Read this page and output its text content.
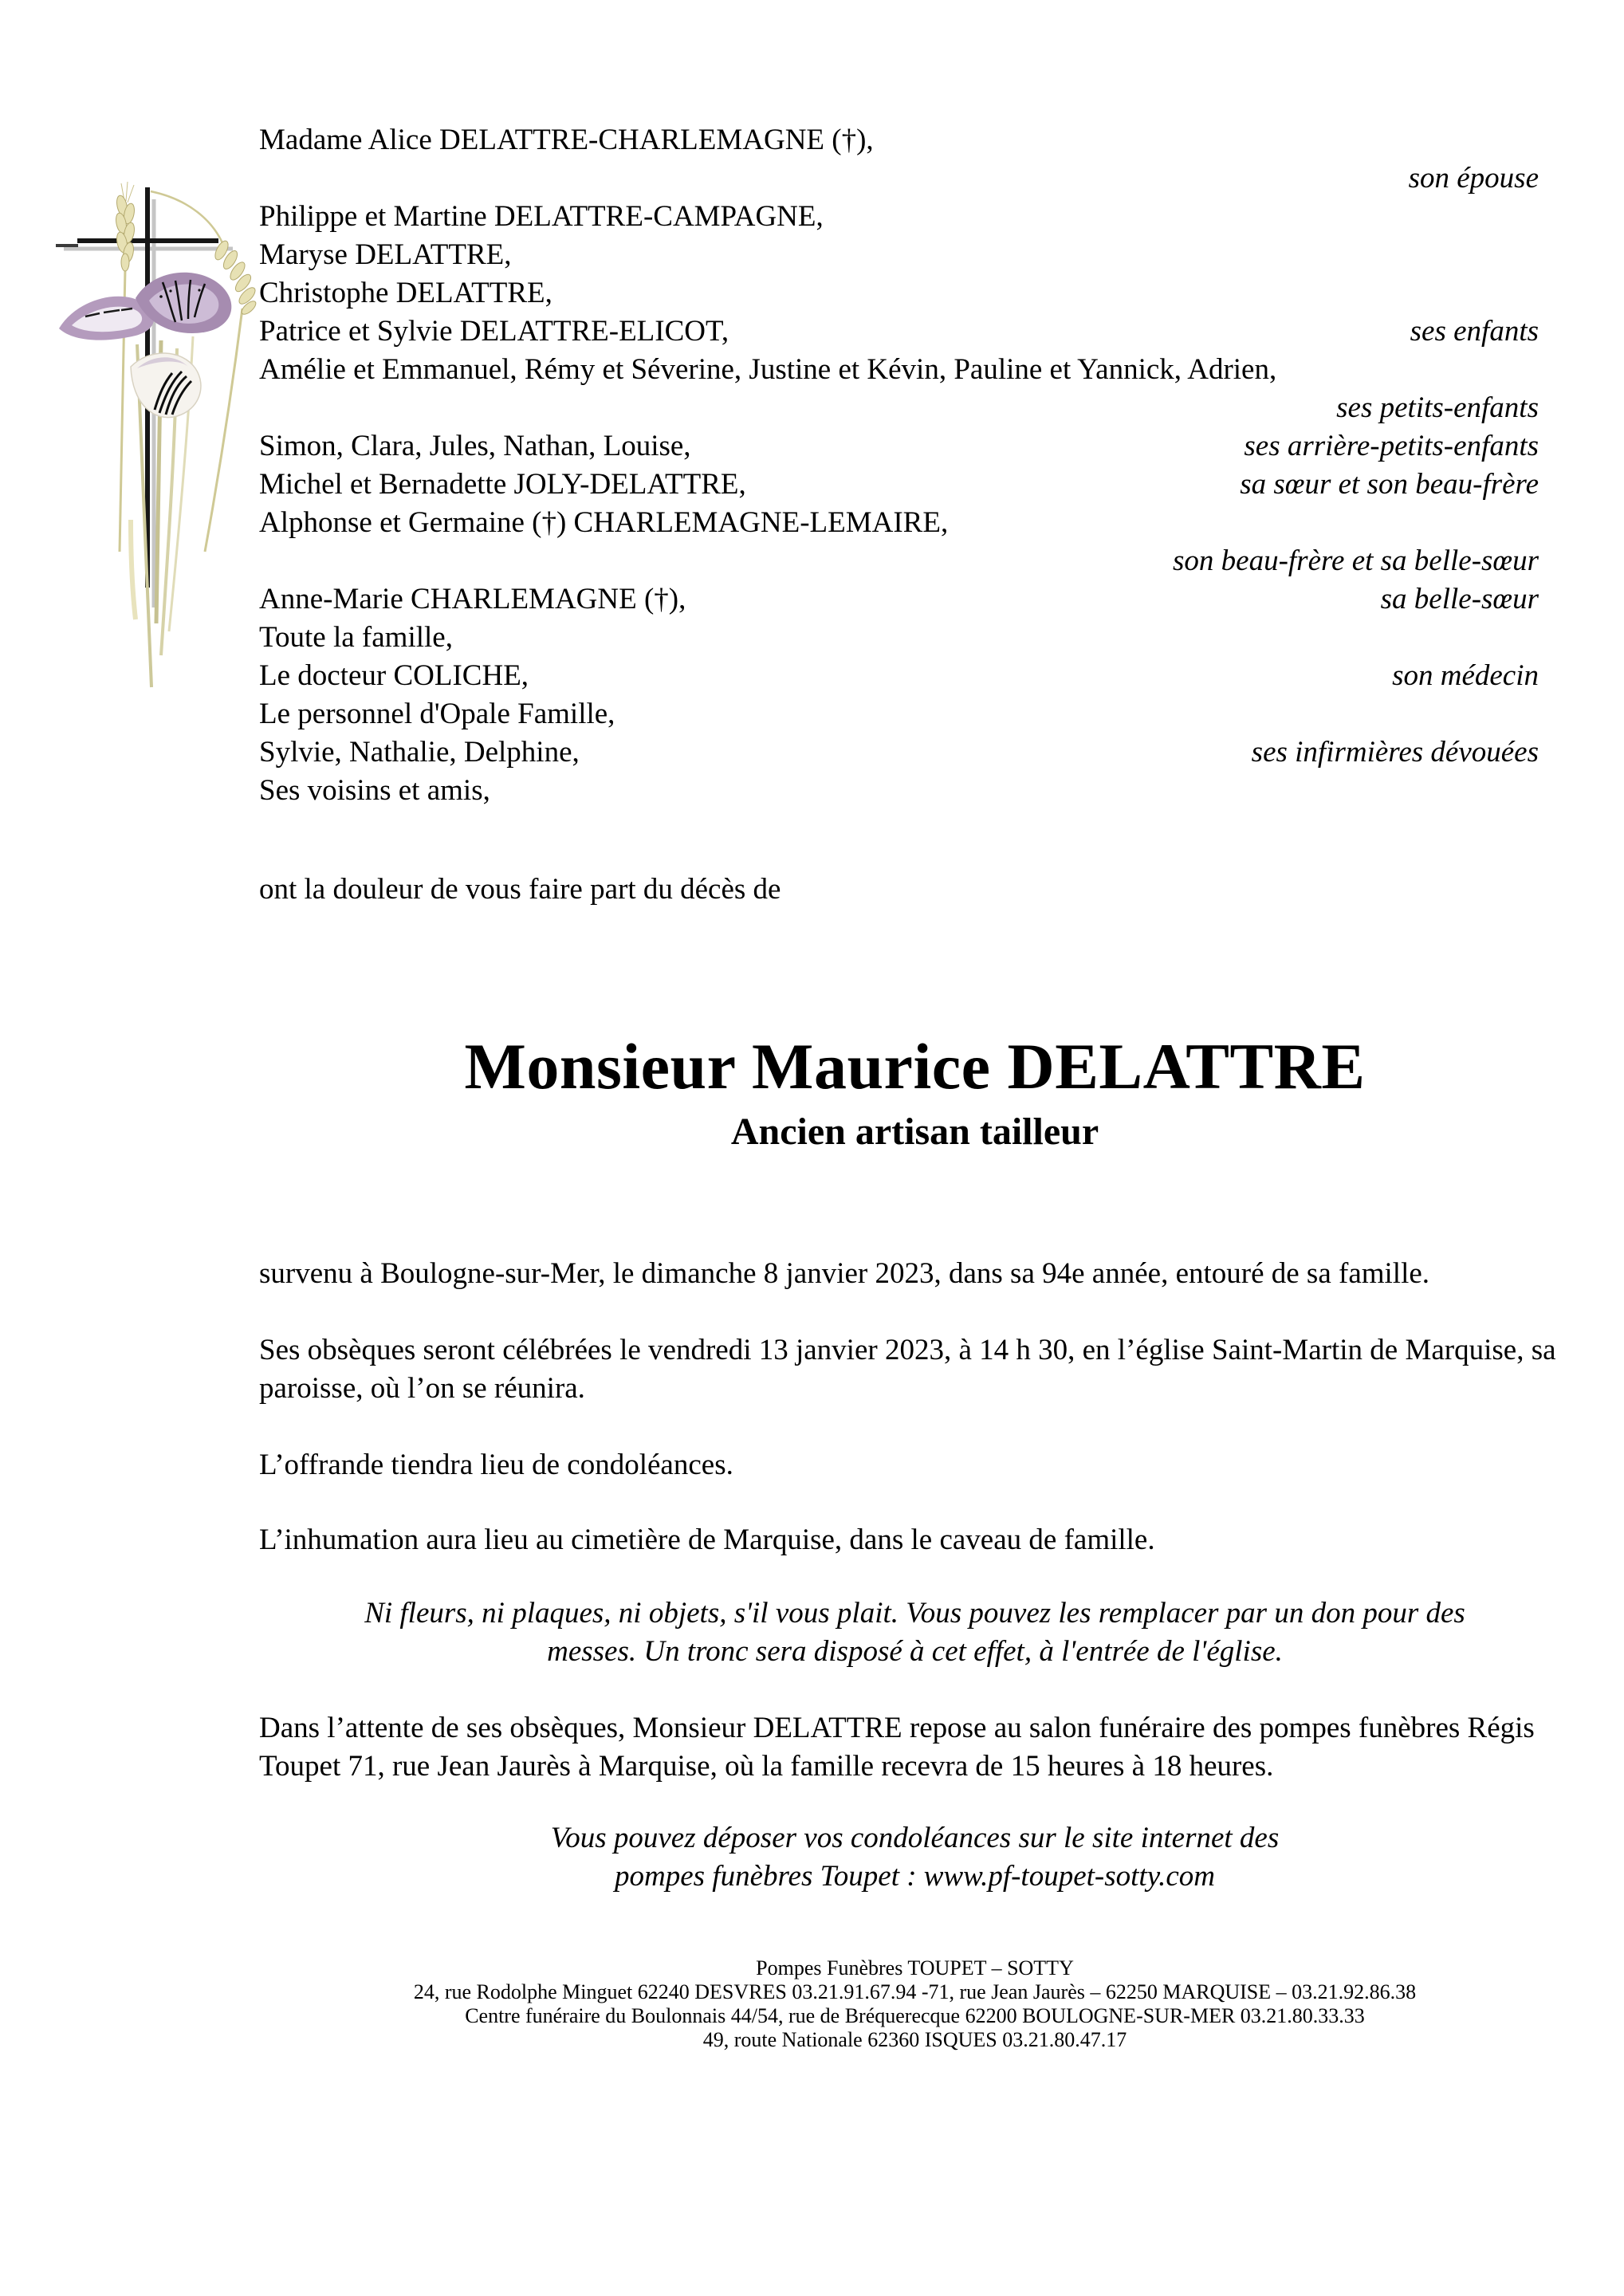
Madame Alice DELATTRE-CHARLEMAGNE (†),
son épouse
Philippe et Martine DELATTRE-CAMPAGNE,
Maryse DELATTRE,
Christophe DELATTRE,
Patrice et Sylvie DELATTRE-ELICOT,	ses enfants
Amélie et Emmanuel, Rémy et Séverine, Justine et Kévin, Pauline et Yannick, Adrien,
ses petits-enfants
Simon, Clara, Jules, Nathan, Louise,	ses arrière-petits-enfants
Michel et Bernadette JOLY-DELATTRE,	sa sœur et son beau-frère
Alphonse et Germaine (†) CHARLEMAGNE-LEMAIRE,
son beau-frère et sa belle-sœur
Anne-Marie CHARLEMAGNE (†),	sa belle-sœur
Toute la famille,
Le docteur COLICHE,	son médecin
Le personnel d'Opale Famille,
Sylvie, Nathalie, Delphine,	ses infirmières dévouées
Ses voisins et amis,
ont la douleur de vous faire part du décès de
Monsieur Maurice DELATTRE
Ancien artisan tailleur

survenu à Boulogne-sur-Mer, le dimanche 8 janvier 2023, dans sa 94e année, entouré de sa famille.

Ses obsèques seront célébrées le vendredi 13 janvier 2023, à 14 h 30, en l’église Saint-Martin de Marquise, sa paroisse, où l’on se réunira.

L’offrande tiendra lieu de condoléances.

L’inhumation aura lieu au cimetière de Marquise, dans le caveau de famille.

Ni fleurs, ni plaques, ni objets, s'il vous plait. Vous pouvez les remplacer par un don pour des
messes. Un tronc sera disposé à cet effet, à l'entrée de l'église.

Dans l’attente de ses obsèques, Monsieur DELATTRE repose au salon funéraire des pompes funèbres Régis Toupet 71, rue Jean Jaurès à Marquise, où la famille recevra de 15 heures à 18 heures.

Vous pouvez déposer vos condoléances sur le site internet des
pompes funèbres Toupet : www.pf-toupet-sotty.com
Pompes Funèbres TOUPET – SOTTY
24, rue Rodolphe Minguet 62240 DESVRES 03.21.91.67.94 -71, rue Jean Jaurès – 62250 MARQUISE – 03.21.92.86.38
Centre funéraire du Boulonnais 44/54, rue de Bréquerecque 62200 BOULOGNE-SUR-MER 03.21.80.33.33
49, route Nationale 62360 ISQUES 03.21.80.47.17
